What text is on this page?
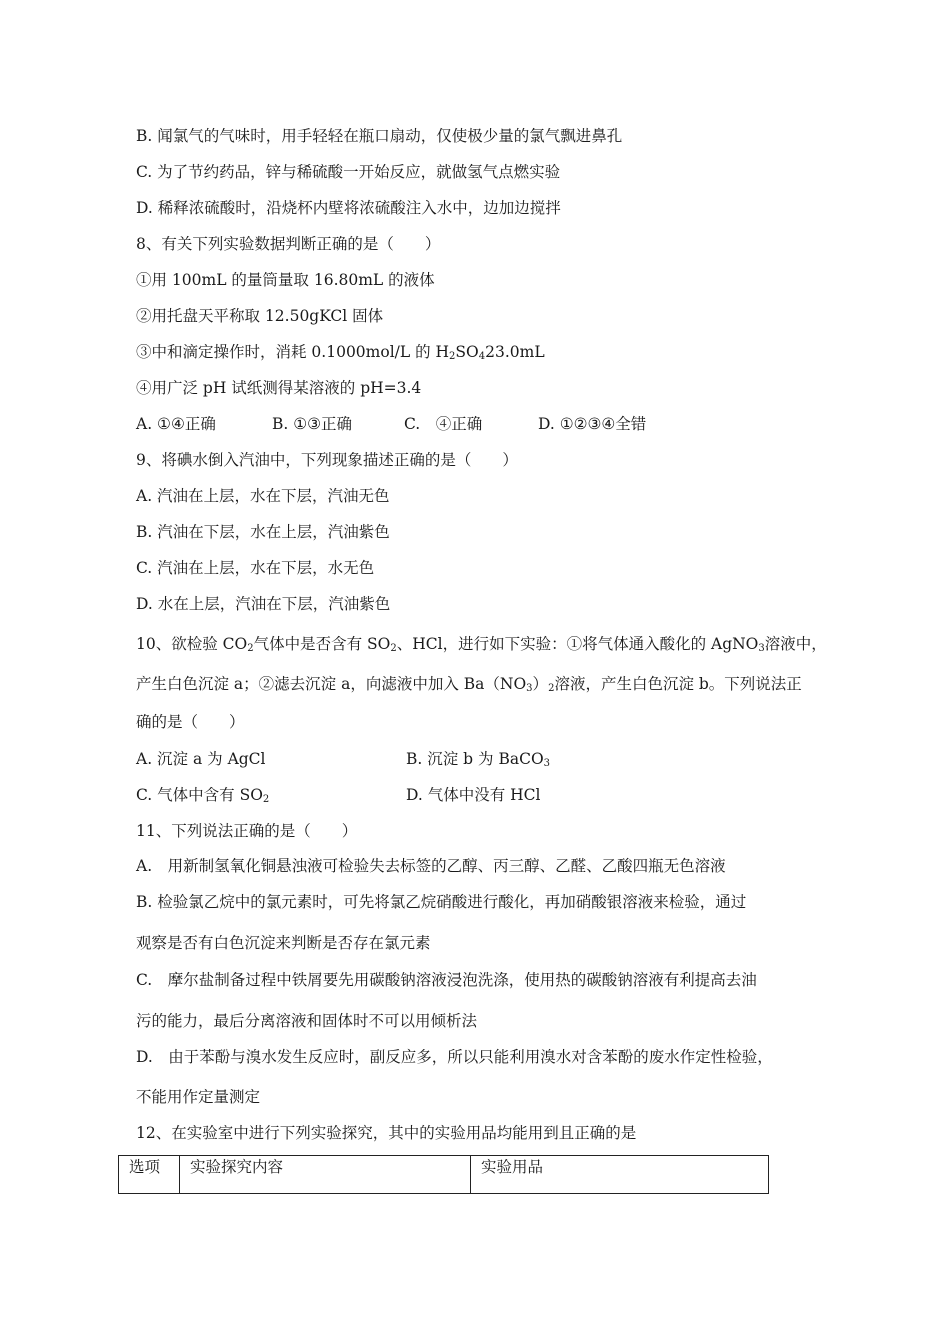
B. 闻氯气的气味时，用手轻轻在瓶口扇动，仅使极少量的氯气飘进鼻孔
C. 为了节约药品，锌与稀硫酸一开始反应，就做氢气点燃实验
D. 稀释浓硫酸时，沿烧杯内壁将浓硫酸注入水中，边加边搅拌
8、有关下列实验数据判断正确的是（　　）
①用 100mL 的量筒量取 16.80mL 的液体
②用托盘天平称取 12.50gKCl 固体
③中和滴定操作时，消耗 0.1000mol/L 的 $H_2SO_423.0mL$
④用广泛 pH 试纸测得某溶液的 pH=3.4
A. ①④正确	B. ①③正确	C.　④正确	D. ①②③④全错
9、将碘水倒入汽油中，下列现象描述正确的是（　　）
A. 汽油在上层，水在下层，汽油无色
B. 汽油在下层，水在上层，汽油紫色
C. 汽油在上层，水在下层，水无色
D. 水在上层，汽油在下层，汽油紫色
10、欲检验 $CO_2$气体中是否含有 $SO_2$、HCl，进行如下实验：①将气体通入酸化的 AgNO$_3$溶液中，
产生白色沉淀 a；②滤去沉淀 a，向滤液中加入 $Ba(NO_3)_2$溶液，产生白色沉淀 b。下列说法正
确的是（　　）
A. 沉淀 a 为 AgCl	B. 沉淀 b 为 BaCO$_3$
C. 气体中含有 $SO_2$	D. 气体中没有 HCl
11、下列说法正确的是（　　）
A.　用新制氢氧化铜悬浊液可检验失去标签的乙醇、丙三醇、乙醛、乙酸四瓶无色溶液
B. 检验氯乙烷中的氯元素时，可先将氯乙烷硝酸进行酸化，再加硝酸银溶液来检验，通过
观察是否有白色沉淀来判断是否存在氯元素
C.　摩尔盐制备过程中铁屑要先用碳酸钠溶液浸泡洗涤，使用热的碳酸钠溶液有利提高去油
污的能力，最后分离溶液和固体时不可以用倾析法
D.　由于苯酚与溴水发生反应时，副反应多，所以只能利用溴水对含苯酚的废水作定性检验，
不能用作定量测定
12、在实验室中进行下列实验探究，其中的实验用品均能用到且正确的是
选项	实验探究内容	实验用品
